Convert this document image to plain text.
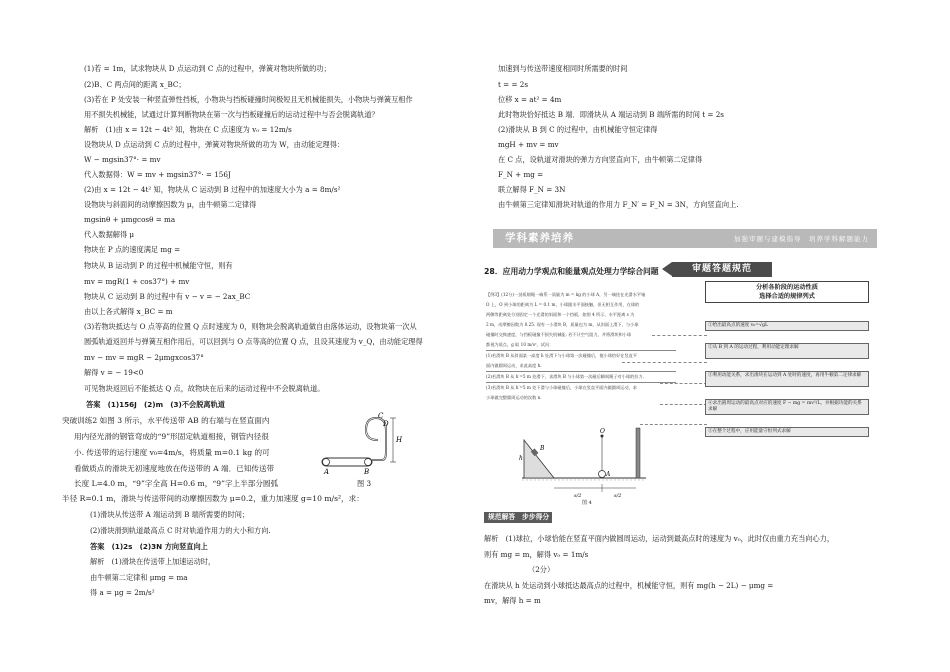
(1)若 = 1m，试求物块从 D 点运动到 C 点的过程中，弹簧对物块所做的功；
(2)B、C 两点间的距离 x_BC；
(3)若在 P 处安装一种竖直弹性挡板，小物块与挡板碰撞时间极短且无机械能损失，小物块与弹簧互相作
用不损失机械能，试通过计算判断物块在第一次与挡板碰撞后的运动过程中与否会脱离轨道？
解析　(1)由 x = 12t − 4t² 知，物块在 C 点速度为 v₀ = 12m/s
设物块从 D 点运动到 C 点的过程中，弹簧对物块所做的功为 W，由动能定理得：
W − mgsin37°· = mv
代入数据得：W = mv + mgsin37°· = 156J
(2)由 x = 12t − 4t² 知，物块从 C 运动到 B 过程中的加速度大小为 a = 8m/s²
设物块与斜面间的动摩擦因数为 μ，由牛顿第二定律得
mgsinθ + μmgcosθ = ma
代入数据解得 μ
物块在 P 点的速度满足 mg =
物块从 B 运动到 P 的过程中机械能守恒，则有
mv = mgR(1 + cos37°) + mv
物块从 C 运动到 B 的过程中有 v − v = − 2ax_BC
由以上各式解得 x_BC = m
(3)若物块抵达与 O 点等高的位置 Q 点时速度为 0，则物块会脱离轨道做自由落体运动，设物块第一次从
圆弧轨道返回并与弹簧互相作用后，可以回到与 O 点等高的位置 Q 点，且设其速度为 v_Q，由动能定理得
mv − mv = mgR − 2μmgxcos37°
解得 v = − 19<0
可见物块返回后不能抵达 Q 点，故物块在后来的运动过程中不会脱离轨道。
答案　(1)156J　(2)m　(3)不会脱离轨道
突破训练2 如图 3 所示，水平传送带 AB 的右端与在竖直面内
用内径光滑的钢管弯成的“9”形固定轨道相接，钢管内径很
小. 传送带的运行速度 v₀=4m/s，将质量 m=0.1 kg 的可
看做质点的滑块无初速度地放在传送带的 A 端．已知传送带
长度 L=4.0 m，“9”字全高 H=0.6 m，“9”字上半部分圆弧
半径 R=0.1 m，滑块与传送带间的动摩擦因数为 μ=0.2，重力加速度 g=10 m/s²，求：
(1)滑块从传送带 A 端运动到 B 端所需要的时间；
(2)滑块滑到轨道最高点 C 时对轨道作用力的大小和方向.
答案　(1)2s　(2)3N 方向竖直向上
解析　(1)滑块在传送带上加速运动时，
由牛顿第二定律和 μmg = ma
得 a = μg = 2m/s²
C
D
H
A	B
图 3
加速到与传送带速度相同时所需要的时间
t = = 2s
位移 x = at² = 4m
此时物块恰好抵达 B 端．即滑块从 A 端运动到 B 端所需的时间 t = 2s
(2)滑块从 B 到 C 的过程中，由机械能守恒定律得
mgH + mv = mv
在 C 点，设轨道对滑块的弹力方向竖直向下，由牛顿第二定律得
F_N + mg =
联立解得 F_N = 3N
由牛顿第三定律知滑块对轨道的作用力 F_N′ = F_N = 3N，方向竖直向上.
学科素养培养	加强审题与建模指导　培养学科解题能力
28．应用动力学观点和能量观点处理力学综合问题	审题答题规范
【例3】(12分)一劲质细绳一端系一质量为 m = kg 的小球 A，另一端挂在光滑水平轴
O 上，O 到小球的距离为 L = 0.1 m，小球跟水平面接触，但无相互作用，在球的
两侧等距离处分别固定一个光滑的斜面和一个挡板，如图 4 所示，水平距离 s 为
2 m，动摩擦因数为 0.25. 现有一小滑块 B，质量也为 m，从斜面上滑下，与小球
碰撞时交换速度，与挡板碰撞不损失机械能. 若不计空气阻力，并将滑块和小球
都视为质点，g 取 10 m/s²，试问：
(1)若滑块 B 从斜面某一高度 h 处滑下与小球第一次碰撞后，使小球恰好在竖直平
面内做圆周运动，求此高度 h.
(2)若滑块 B 从 h′=5 m 处滑下，求滑块 B 与小球第一次碰后瞬间绳子对小球的拉力.
(3)若滑块 B 从 h′=5 m 处下滑与小球碰撞后，小球在竖直平面内做圆周运动，求
小球做完整圆周运动的次数 n.
分析各阶段的运动性质
选择合适的规律列式
①给出最高点的速度 v₀=√gL
②从 B 到 A 的运动过程，利用动能定理求解
③利用动能关系，求出滑块在运动到 A 处时的速度，再用牛顿第二定律求解
④求出圆周运动的最高点对应的速度 F − mg = mv²/L，并根据功能的关系求解
⑤在整个过程中，应用能量守恒列式求解
O
B
A
h
s/2	s/2
图 4
规范解答　步步得分
解析　(1)球拉，小球恰能在竖直平面内做圆周运动，运动到最高点时的速度为 v₀，此时仅由重力充当向心力，
则有 mg = m，解得 v₀ = 1m/s
（2分）
在滑块从 h 处运动到小球抵达最高点的过程中，机械能守恒，则有 mg(h − 2L) − μmg =
mv，解得 h = m
